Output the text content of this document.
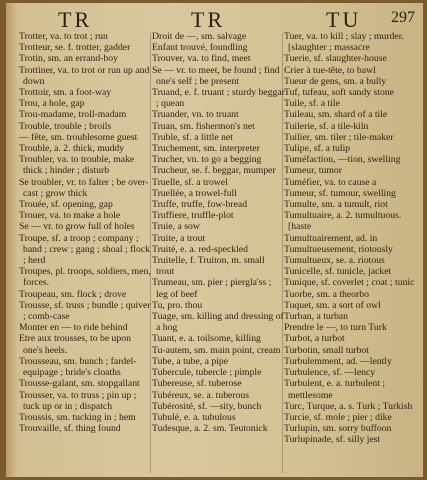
TR	TR	TU 297

Trotter, va. to trot ; run

Trotteur, se. f. trotter, gadder

Trotin, sm. an errand-boy

Trottiner, va. to trot or run up and down

Trottoir, sm. a foot-way

Trou, a hole, gap

Trou-madame, troll-madam

Trouble, trouble ; broils

— fête, sm. troublesome guest

Trouble, a. 2. thick, muddy

Troubler, va. to trouble, make thick ; hinder ; disturb

Se troubler, vr. to falter ; be over-cast ; grow thick

Trouée, sf. opening, gap

Trouer, va. to make a hole

Se — vr. to grow full of holes

Troupe, sf. a troop ; company ; band ; crew ; gang ; shoal ; flock ; herd

Troupes, pl. troops, soldiers, men, forces.

Troupeau, sm. flock ; drove

Trousse, sf. truss ; bundle ; quiver ; comb-case

Monter en — to ride behind

Etre aux trousses, to be upon one's heels.

Trousseau, sm. bunch ; fardel-equipage ; bride's cloaths

Trousse-galant, sm. stopgallant

Trousser, va. to truss ; pin up ; tuck up or in ; dispatch

Troussis, sm. tucking in ; hem

Trouvaille, sf. thing found

Droit de —, sm. salvage

Enfant trouvé, foundling

Trouver, va. to find, meet

Se — vr. to meet, be found ; find one's self ; be present

Truand, e. f. truant ; sturdy beggar ; quean

Truander, vn. to truant

Truan, sm. fishermon's net

Truble, sf. a little net

Truchement, sm. interpreter

Trucher, vn. to go a begging

Trucheur, se. f. beggar, mumper

Truelle, sf. a trowel

Truellée, a trowel-full

Truffe, truffe, fow-bread

Truffiere, truffle-plot

Truie, a sow

Truite, a trout

Truité, e. a. red-speckled

Truitelle, f. Truiton, m. small trout

Trumeau, sm. pier ; piergla'ss ; leg of beef

Tu, pro. thou

Tuage, sm. killing and dressing of a hog

Tuant, e. a. toilsome, killing

Tu-autem, sm. main point, cream

Tube, a tube, a pipe

Tubercule, tubercle ; pimple

Tubereuse, sf. tuberose

Tubéreux, se. a. tuberous

Tubérosité, sf. —sity, bunch

Tubulé, e. a. tubulous

Tudesque, a. 2. sm. Teutonick

Tuer, va. to kill ; slay ; murder. [slaughter ; massacre

Tuerie, sf. slaughter-house

Crier à tue-tête, to bawl

Tueur de gens, sm. a bully

Tuf, tufeau, soft sandy stone

Tuile, sf. a tile

Tuileau, sm. shard of a tile

Tuilerie, sf. a tile-kiln

Tuilier, sm. tiler ; tile-maker

Tulipe, sf. a tulip

Tuméfaction, —tion, swelling

Tumeur, tumor

Tuméfier, va. to cause a

Tumeur, sf. tumour, swelling

Tumulte, sm. a tumult, riot

Tumultuaire, a. 2. tumultuous. [haste

Tumultuairement, ad. in

Tumultueusement, riotously

Tumultueux, se. a. riotous

Tunicelle, sf. tunicle, jacket

Tunique, sf. coverlet ; coat ; tunic

Tuorbe, sm. a theorbo

Tuquet, sm. a sort of owl

Turban, a turban

Prendre le —, to turn Turk

Turbot, a turbot

Turbotin, small turbot

Turbulemment, ad. —lently

Turbulence, sf. —lency

Turbulent, e. a. turbulent ; mettlesome

Turc, Turque, a. s. Turk ; Turkish

Turcie, sf. mole ; pier ; dike

Turlupin, sm. sorry buffoon

Turlupinade, sf. silly jest
